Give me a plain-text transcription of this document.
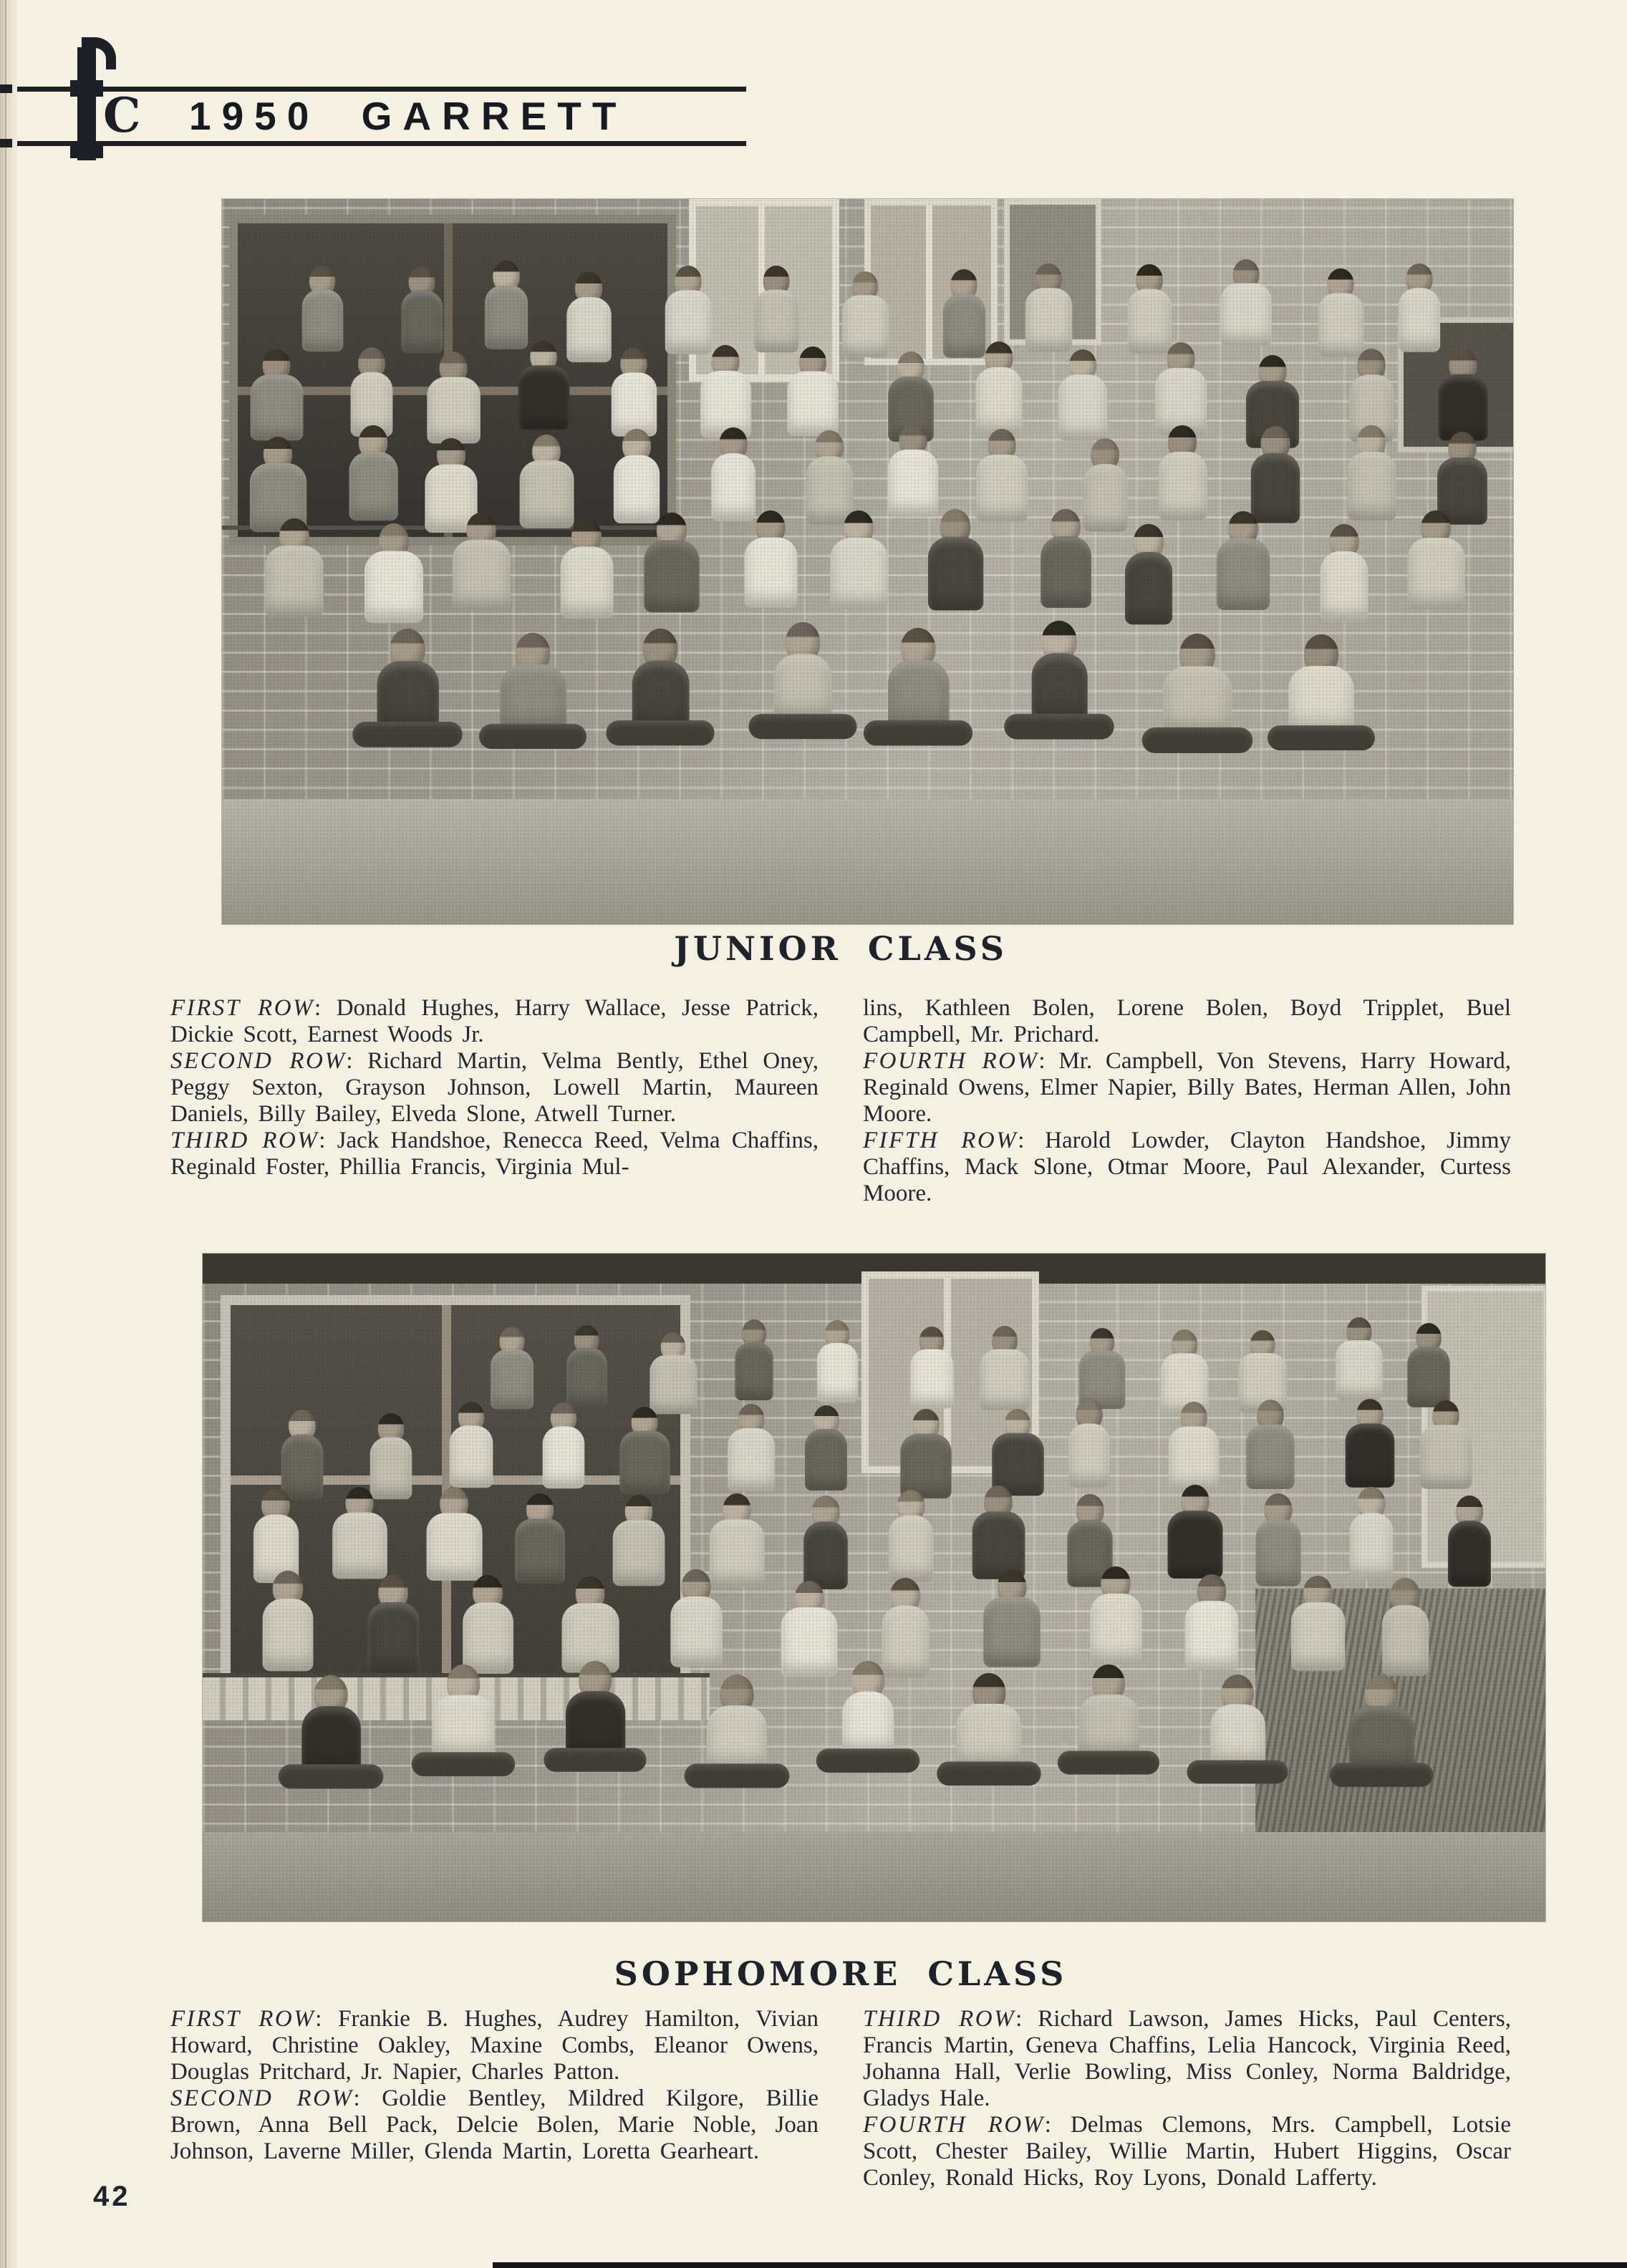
C 1950 GARRETT
JUNIOR CLASS

FIRST ROW: Donald Hughes, Harry Wallace, Jesse Patrick, Dickie Scott, Earnest Woods Jr.

SECOND ROW: Richard Martin, Velma Bently, Ethel Oney, Peggy Sexton, Grayson Johnson, Lowell Martin, Maureen Daniels, Billy Bailey, Elveda Slone, Atwell Turner.

THIRD ROW: Jack Handshoe, Renecca Reed, Velma Chaffins, Reginald Foster, Phillia Francis, Virginia Mul-

lins, Kathleen Bolen, Lorene Bolen, Boyd Tripplet, Buel Campbell, Mr. Prichard.

FOURTH ROW: Mr. Campbell, Von Stevens, Harry Howard, Reginald Owens, Elmer Napier, Billy Bates, Herman Allen, John Moore.

FIFTH ROW: Harold Lowder, Clayton Handshoe, Jimmy Chaffins, Mack Slone, Otmar Moore, Paul Alexander, Curtess Moore.

SOPHOMORE CLASS

FIRST ROW: Frankie B. Hughes, Audrey Hamilton, Vivian Howard, Christine Oakley, Maxine Combs, Eleanor Owens, Douglas Pritchard, Jr. Napier, Charles Patton.

SECOND ROW: Goldie Bentley, Mildred Kilgore, Billie Brown, Anna Bell Pack, Delcie Bolen, Marie Noble, Joan Johnson, Laverne Miller, Glenda Martin, Loretta Gearheart.

THIRD ROW: Richard Lawson, James Hicks, Paul Centers, Francis Martin, Geneva Chaffins, Lelia Hancock, Virginia Reed, Johanna Hall, Verlie Bowling, Miss Conley, Norma Baldridge, Gladys Hale.

FOURTH ROW: Delmas Clemons, Mrs. Campbell, Lotsie Scott, Chester Bailey, Willie Martin, Hubert Higgins, Oscar Conley, Ronald Hicks, Roy Lyons, Donald Lafferty.

42
